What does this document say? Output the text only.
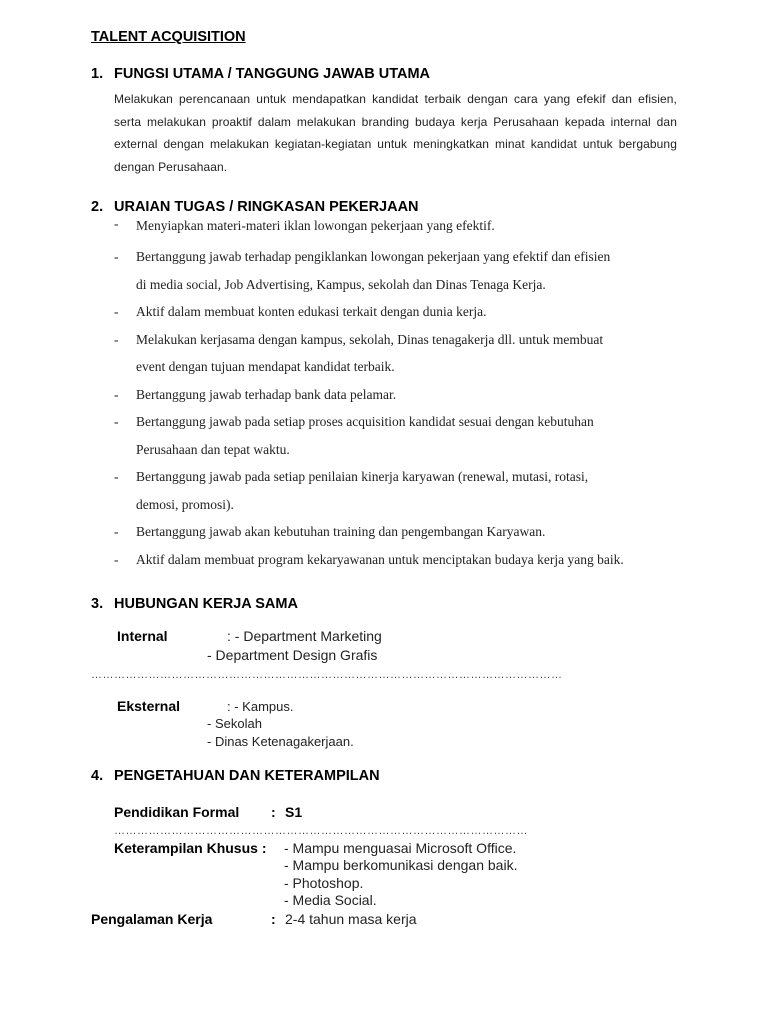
TALENT ACQUISITION
1. FUNGSI UTAMA / TANGGUNG JAWAB UTAMA
Melakukan perencanaan untuk mendapatkan kandidat terbaik dengan cara yang efekif dan efisien,
serta melakukan proaktif dalam melakukan branding budaya kerja Perusahaan kepada internal dan
external dengan melakukan kegiatan-kegiatan untuk meningkatkan minat kandidat untuk bergabung
dengan Perusahaan.
2. URAIAN TUGAS / RINGKASAN PEKERJAAN
- Menyiapkan materi-materi iklan lowongan pekerjaan yang efektif.
- Bertanggung jawab terhadap pengiklankan lowongan pekerjaan yang efektif dan efisien
di media social, Job Advertising, Kampus, sekolah dan Dinas Tenaga Kerja.
- Aktif dalam membuat konten edukasi terkait dengan dunia kerja.
- Melakukan kerjasama dengan kampus, sekolah, Dinas tenagakerja dll. untuk membuat
event dengan tujuan mendapat kandidat terbaik.
- Bertanggung jawab terhadap bank data pelamar.
- Bertanggung jawab pada setiap proses acquisition kandidat sesuai dengan kebutuhan
Perusahaan dan tepat waktu.
- Bertanggung jawab pada setiap penilaian kinerja karyawan (renewal, mutasi, rotasi,
demosi, promosi).
- Bertanggung jawab akan kebutuhan training dan pengembangan Karyawan.
- Aktif dalam membuat program kekaryawanan untuk menciptakan budaya kerja yang baik.
3. HUBUNGAN KERJA SAMA
Internal	: - Department Marketing
- Department Design Grafis
……………………………………………………………………………………………………………
Eksternal	: - Kampus.
- Sekolah
- Dinas Ketenagakerjaan.
4. PENGETAHUAN DAN KETERAMPILAN
Pendidikan Formal : S1
………………………………………………………………………………………………
Keterampilan Khusus : - Mampu menguasai Microsoft Office.
- Mampu berkomunikasi dengan baik.
- Photoshop.
- Media Social.
Pengalaman Kerja	: 2-4 tahun masa kerja
